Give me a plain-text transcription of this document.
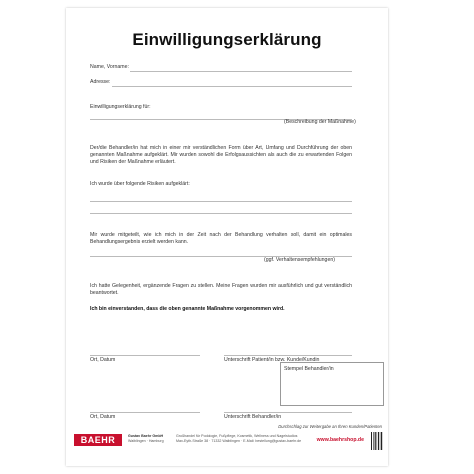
Einwilligungserklärung
Name, Vorname:
Adresse:
Einwilligungserklärung für:
(Beschreibung der Maßnahme)
Der/die Behandler/in hat mich in einer mir verständlichen Form über Art, Umfang und Durchführung der oben genannten Maßnahme aufgeklärt. Mir wurden sowohl die Erfolgsaussichten als auch die zu erwartenden Folgen und Risiken der Maßnahme erläutert.
Ich wurde über folgende Risiken aufgeklärt:
Mir wurde mitgeteilt, wie ich mich in der Zeit nach der Behandlung verhalten soll, damit ein optimales Behandlungsergebnis erzielt werden kann.
(ggf. Verhaltensempfehlungen)
Ich hatte Gelegenheit, ergänzende Fragen zu stellen. Meine Fragen wurden mir ausführlich und gut verständlich beantwortet.
Ich bin einverstanden, dass die oben genannte Maßnahme vorgenommen wird.
Ort, Datum	Unterschrift Patient/in bzw. Kunde/Kundin
Stempel Behandler/in
Ort, Datum	Unterschrift Behandler/in
Durchschlag zur Weitergabe an Ihren Kunden/Patienten
BAEHR	Gustav Baehr GmbH
Waiblingen · Hamburg
Großhandel für Podologie, Fußpflege, Kosmetik, Wellness und Nagelstudios
Max-Eyth-Straße 38 · 71332 Waiblingen · E-Mail: bestellung@gustav-baehr.de	www.baehrshop.de
